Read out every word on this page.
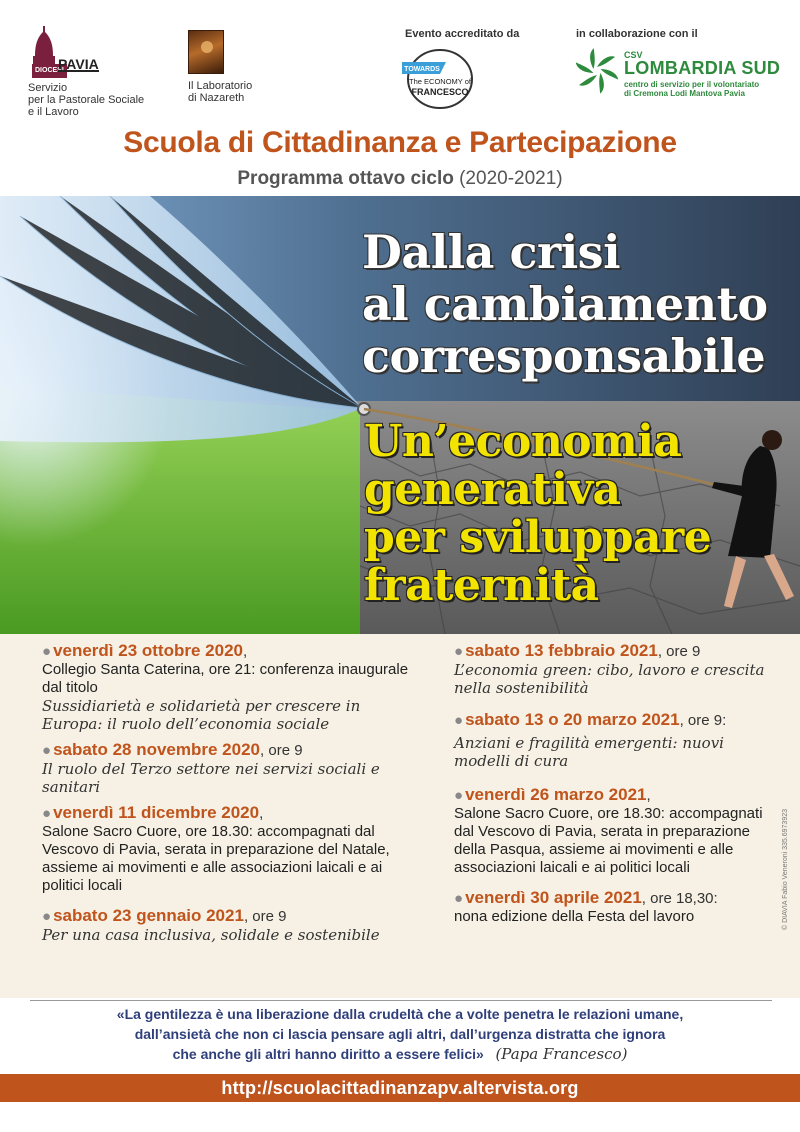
DIOCESI
PAVIA
Servizio
per la Pastorale Sociale
e il Lavoro
Il Laboratorio
di Nazareth
Evento accreditato da
TOWARDS
The ECONOMY of
FRANCESCO
in collaborazione con il
CSV
LOMBARDIA SUD
centro di servizio per il volontariato
di Cremona Lodi Mantova Pavia
Scuola di Cittadinanza e Partecipazione
Programma ottavo ciclo (2020-2021)
Dalla crisi
al cambiamento
corresponsabile
Un’economia
generativa
per sviluppare
fraternità
● venerdì 23 ottobre 2020,
Collegio Santa Caterina, ore 21: conferenza inaugurale dal titolo
Sussidiarietà e solidarietà per crescere in Europa: il ruolo dell’economia sociale
● sabato 28 novembre 2020, ore 9
Il ruolo del Terzo settore nei servizi sociali e sanitari
● venerdì 11 dicembre 2020,
Salone Sacro Cuore, ore 18.30: accompagnati dal Vescovo di Pavia, serata in preparazione del Natale, assieme ai movimenti e alle associazioni laicali e ai politici locali
● sabato 23 gennaio 2021, ore 9
Per una casa inclusiva, solidale e sostenibile
● sabato 13 febbraio 2021, ore 9
L’economia green: cibo, lavoro e crescita nella sostenibilità
● sabato 13 o 20 marzo 2021, ore 9:
Anziani e fragilità emergenti: nuovi modelli di cura
● venerdì 26 marzo 2021,
Salone Sacro Cuore, ore 18.30: accompagnati dal Vescovo di Pavia, serata in preparazione della Pasqua, assieme ai movimenti e alle associazioni laicali e ai politici locali
● venerdì 30 aprile 2021, ore 18,30:
nona edizione della Festa del lavoro	© DIAVIA Fabio Veneroni 335.6973923
«La gentilezza è una liberazione dalla crudeltà che a volte penetra le relazioni umane,
dall’ansietà che non ci lascia pensare agli altri, dall’urgenza distratta che ignora
che anche gli altri hanno diritto a essere felici» (Papa Francesco)
http://scuolacittadinanzapv.altervista.org
